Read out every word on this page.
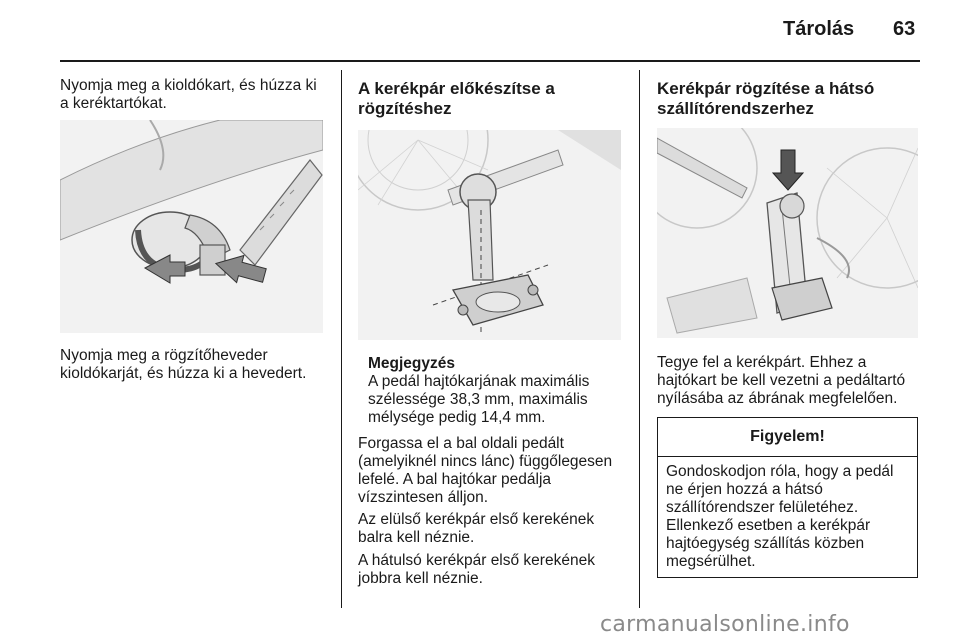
Tárolás 63

Nyomja meg a kioldókart, és húzza ki

a keréktartókat.

Nyomja meg a rögzítőheveder

kioldókarját, és húzza ki a hevedert.

A kerékpár előkészítse a
rögzítéshez

Megjegyzés

A pedál hajtókarjának maximális

szélessége 38,3 mm, maximális

mélysége pedig 14,4 mm.

Forgassa el a bal oldali pedált

(amelyiknél nincs lánc) függőlegesen

lefelé. A bal hajtókar pedálja

vízszintesen álljon.

Az elülső kerékpár első kerekének

balra kell néznie.

A hátulsó kerékpár első kerekének

jobbra kell néznie.

Kerékpár rögzítése a hátsó
szállítórendszerhez

Tegye fel a kerékpárt. Ehhez a

hajtókart be kell vezetni a pedáltartó

nyílásába az ábrának megfelelően.

Figyelem!
Gondoskodjon róla, hogy a pedál
ne érjen hozzá a hátsó
szállítórendszer felületéhez.
Ellenkező esetben a kerékpár
hajtóegység szállítás közben
megsérülhet.
carmanualsonline.info
